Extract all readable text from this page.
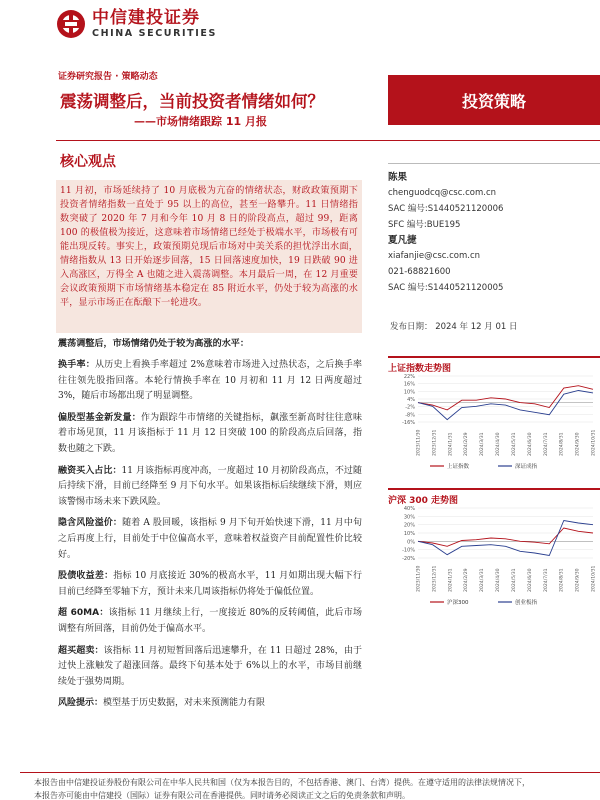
中信建投证券
CHINA SECURITIES
证券研究报告 · 策略动态
震荡调整后，当前投资者情绪如何？
——市场情绪跟踪 11 月报
投资策略
核心观点

11 月初，市场延续持了 10 月底极为亢奋的情绪状态，财政政策预期下投资者情绪指数一直处于 95 以上的高位，甚至一路攀升。11 日情绪指数突破了 2020 年 7 月和今年 10 月 8 日的阶段高点，超过 99，距离 100 的极值极为接近，这意味着市场情绪已经处于极端水平，市场极有可能出现反转。事实上，政策预期兑现后市场对中美关系的担忧浮出水面，情绪指数从 13 日开始逐步回落，15 日回落速度加快，19 日跌破 90 进入高涨区，万得全 A 也随之进入震荡调整。本月最后一周，在 12 月重要会议政策预期下市场情绪基本稳定在 85 附近水平，仍处于较为高涨的水平，显示市场正在酝酿下一轮进攻。

震荡调整后，市场情绪仍处于较为高涨的水平：
换手率：从历史上看换手率超过 2%意味着市场进入过热状态，之后换手率往往领先股指回落。本轮行情换手率在 10 月初和 11 月 12 日两度超过 3%，随后市场都出现了明显调整。
偏股型基金新发量：作为跟踪牛市情绪的关键指标，飙涨至新高时往往意味着市场见顶，11 月该指标于 11 月 12 日突破 100 的阶段高点后回落，指数也随之下跌。
融资买入占比：11 月该指标再度冲高，一度超过 10 月初阶段高点，不过随后持续下滑，目前已经降至 9 月下旬水平。如果该指标后续继续下滑，则应该警惕市场未来下跌风险。
隐含风险溢价：随着 A 股回暖，该指标 9 月下旬开始快速下滑，11 月中旬之后再度上行，目前处于中位偏高水平，意味着权益资产目前配置性价比较好。
股债收益差：指标 10 月底接近 30%的极高水平，11 月如期出现大幅下行目前已经降至零轴下方，预计未来几周该指标仍将处于偏低位置。
超 60MA：该指标 11 月继续上行，一度接近 80%的反转阈值，此后市场调整有所回落，目前仍处于偏高水平。
超买超卖：该指标 11 月初短暂回落后迅速攀升，在 11 日超过 28%，由于过快上涨触发了超涨回落。最终下旬基本处于 6%以上的水平，市场目前继续处于强势周期。
风险提示：模型基于历史数据，对未来预测能力有限
陈果
chenguodcq@csc.com.cn
SAC 编号:S1440521120006
SFC 编号:BUE195
夏凡捷
xiafanjie@csc.com.cn
021-68821600
SAC 编号:S1440521120005
发布日期： 2024 年 12 月 01 日
上证指数走势图
22%
16%
10%
4%
-2%
-8%
-16%
2023/11/30 2023/12/31 2024/1/31 2024/2/29 2024/3/31 2024/4/30 2024/5/31 2024/6/30 2024/7/31 2024/8/31 2024/9/30 2024/10/31
上证指数	深证成指
沪深 300 走势图
40%
30%
20%
10%
0%
-10%
-20%
2023/11/30 2023/12/31 2024/1/31 2024/2/29 2024/3/31 2024/4/30 2024/5/31 2024/6/30 2024/7/31 2024/8/31 2024/9/30 2024/10/31
沪深300	创业板指
本报告由中信建投证券股份有限公司在中华人民共和国（仅为本报告目的，不包括香港、澳门、台湾）提供。在遵守适用的法律法规情况下，
本报告亦可能由中信建投（国际）证券有限公司在香港提供。同时请务必阅读正文之后的免责条款和声明。
